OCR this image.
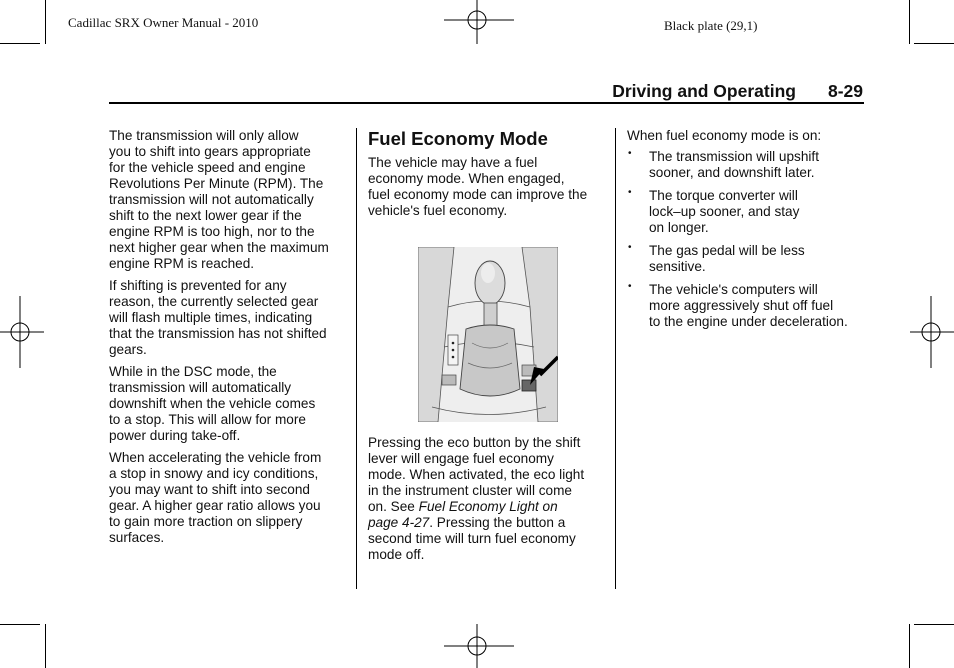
Cadillac SRX Owner Manual - 2010	Black plate (29,1)
Driving and Operating 8-29

The transmission will only allow
you to shift into gears appropriate
for the vehicle speed and engine
Revolutions Per Minute (RPM). The
transmission will not automatically
shift to the next lower gear if the
engine RPM is too high, nor to the
next higher gear when the maximum
engine RPM is reached.

If shifting is prevented for any
reason, the currently selected gear
will flash multiple times, indicating
that the transmission has not shifted
gears.

While in the DSC mode, the
transmission will automatically
downshift when the vehicle comes
to a stop. This will allow for more
power during take-off.

When accelerating the vehicle from
a stop in snowy and icy conditions,
you may want to shift into second
gear. A higher gear ratio allows you
to gain more traction on slippery
surfaces.

Fuel Economy Mode

The vehicle may have a fuel
economy mode. When engaged,
fuel economy mode can improve the
vehicle's fuel economy.

Pressing the eco button by the shift
lever will engage fuel economy
mode. When activated, the eco light
in the instrument cluster will come
on. See Fuel Economy Light on
page 4-27. Pressing the button a
second time will turn fuel economy
mode off.

When fuel economy mode is on:

• The transmission will upshift
sooner, and downshift later.
• The torque converter will
lock–up sooner, and stay
on longer.
• The gas pedal will be less
sensitive.
• The vehicle's computers will
more aggressively shut off fuel
to the engine under deceleration.
